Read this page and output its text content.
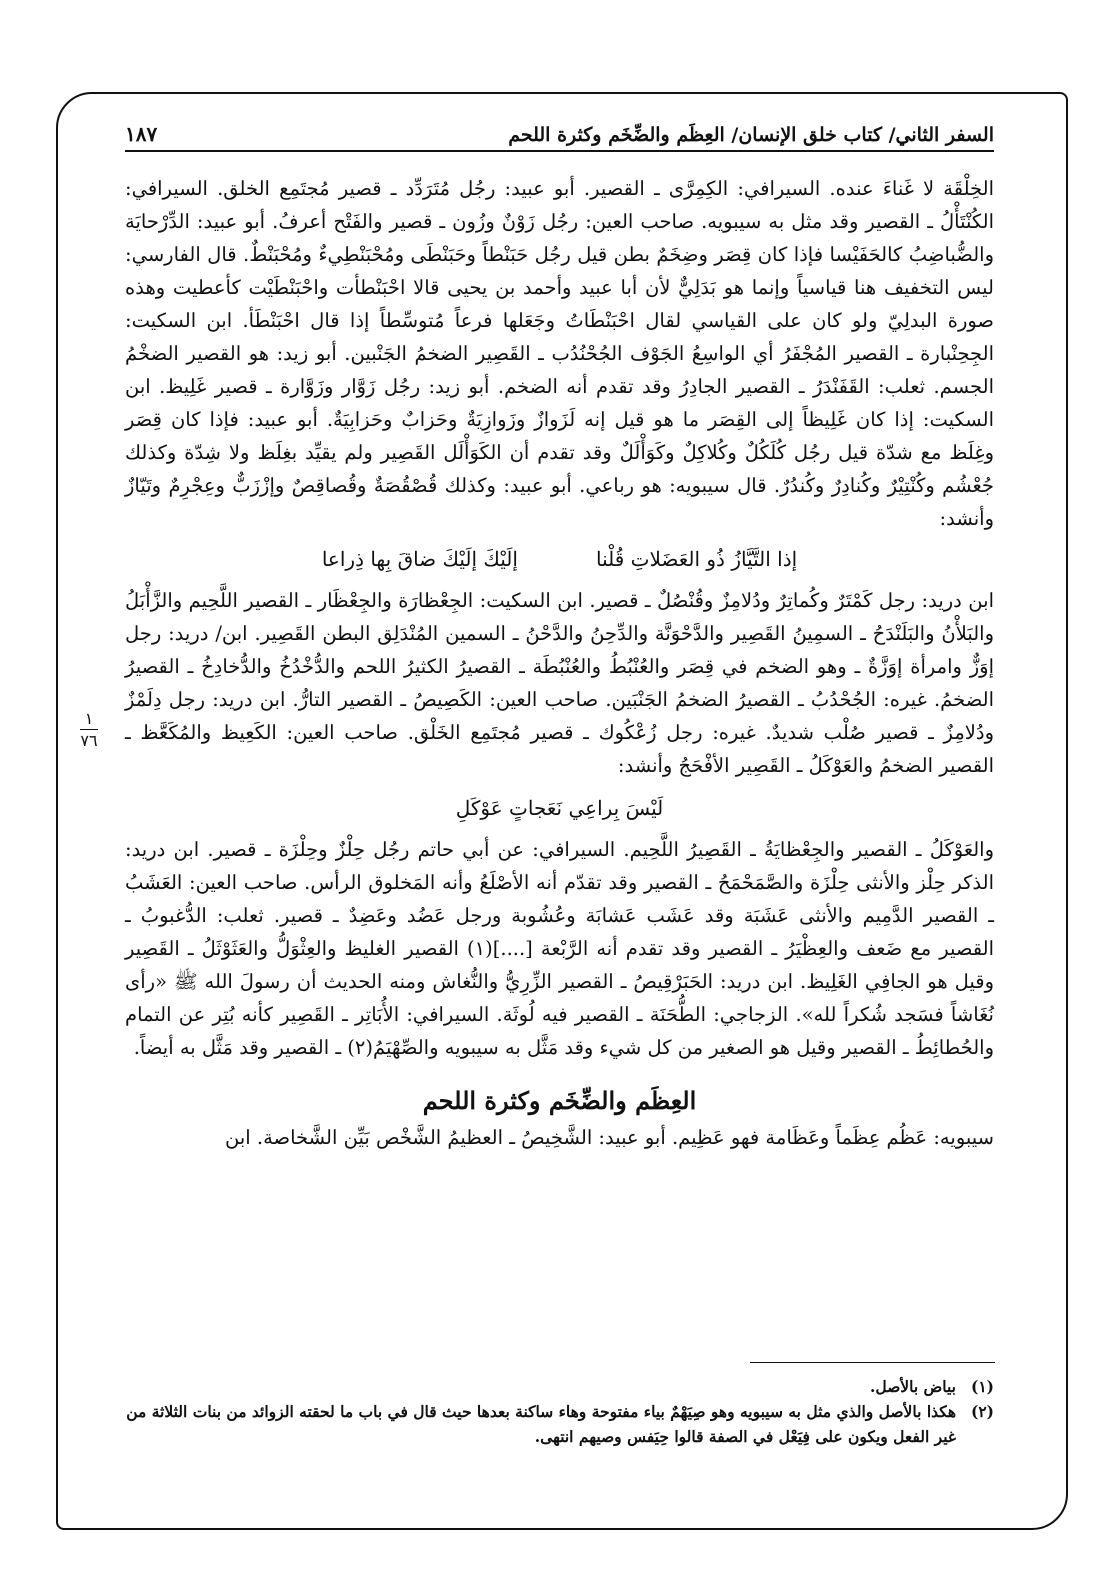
السفر الثاني/ كتاب خلق الإنسان/ العِظَم والضِّخَم وكثرة اللحم
١٨٧
١
٧٦

الخِلْقَة لا غَناءَ عنده. السيرافي: الكِمِرَّى ـ القصير. أبو عبيد: رجُل مُتَرَدِّد ـ قصير مُجتَمِع الخلق. السيرافي: الكُنْتَأْلُ ـ القصير وقد مثل به سيبويه. صاحب العين: رجُل زَوْنٌ وزُون ـ قصير والفَتْح أعرفُ. أبو عبيد: الدِّرْحايَة والضُّباضِبُ كالحَفَيْسا فإذا كان قِصَر وضِخَمٌ بطن قيل رجُل حَبَنْطاً وحَبَنْطَى ومُحْبَنْطِيءٌ ومُحْبَنْطٌ. قال الفارسي: ليس التخفيف هنا قياسياً وإنما هو بَدَلِيٌّ لأن أبا عبيد وأحمد بن يحيى قالا احْبَنْطأت واحْبَنْطَيْت كأعطيت وهذه صورة البدلِيّ ولو كان على القياسي لقال احْبَنْطَاتُ وجَعَلها فرعاً مُتوسِّطاً إذا قال احْبَنْطَأ. ابن السكيت: الجِحِنْبارة ـ القصير المُجْفَرُ أي الواسِعُ الجَوْف الجُحْنُدُب ـ القَصِير الضخمُ الجَنْبين. أبو زيد: هو القصير الضخْمُ الجسم. ثعلب: القَفَنْدَرُ ـ القصير الجادِرُ وقد تقدم أنه الضخم. أبو زيد: رجُل زَوَّار وزَوَّارة ـ قصير غَلِيظ. ابن السكيت: إذا كان غَلِيظاً إلى القِصَر ما هو قيل إنه لَزَوازٌ وزَوازِيَةٌ وحَزابٌ وحَزابِيَةٌ. أبو عبيد: فإذا كان قِصَر وغِلَظ مع شدّة قيل رجُل كُلَكُلٌ وكُلاكِلٌ وكَوَأْلَلٌ وقد تقدم أن الكَوَأْلَل القَصِير ولم يقيِّد بغِلَظ ولا شِدّة وكذلك جُعْشُم وكُنْتِيْرٌ وكُنادِرٌ وكُندُرٌ. قال سيبويه: هو رباعي. أبو عبيد: وكذلك قُصْقُصَةٌ وقُصاقِصٌ وإزْزَبٌّ وعِجْرِمٌ وتَيّازٌ وأنشد:

إذا التَّيَّازُ ذُو العَضَلاتِ قُلْنا
إلَيْكَ إلَيْكَ ضاقَ بِها ذِراعا

ابن دريد: رجل كَمْتَرٌ وكُماتِرٌ ودُلامِزٌ وقُنْصُلٌ ـ قصير. ابن السكيت: الجِعْظارَة والجِعْظَار ـ القصير اللَّحِيم والزَّأْبَلُ والبَلأْنُ والبَلَنْدَحُ ـ السمِينُ القَصِير والدَّحْوَنَّة والدِّحِنُ والدَّحْنُ ـ السمين المُنْدَلِق البطن القَصِير. ابن/ دريد: رجل إوَزٌّ وامرأة إوَزَّةٌ ـ وهو الضخم في قِصَر والعُنْبُطُ والعُنْبُطَة ـ القصيرُ الكثيرُ اللحم والدُّخْدُخُ والدُّخادِخُ ـ القصيرُ الضخمُ. غيره: الجُحْدُبُ ـ القصيرُ الضخمُ الجَنْبَين. صاحب العين: الكَصِيصُ ـ القصير التارُّ. ابن دريد: رجل دِلَمْزٌ ودُلامِزٌ ـ قصير صُلْب شديدٌ. غيره: رجل زُعْكُوك ـ قصير مُجتَمِع الخَلْق. صاحب العين: الكَعِيظ والمُكَعَّظ ـ القصير الضخمُ والعَوْكَلُ ـ القَصِير الأفْحَجُ وأنشد:

لَيْسَ بِراعِي نَعَجاتٍ عَوْكَلِ

والعَوْكَلُ ـ القصير والجِعْظايَةُ ـ القَصِيرُ اللَّحِيم. السيرافي: عن أبي حاتم رجُل حِلْزٌ وحِلْزَة ـ قصير. ابن دريد: الذكر حِلْز والأنثى حِلْزَة والصَّمَحْمَحُ ـ القصير وقد تقدّم أنه الأصْلَعُ وأنه المَخلوق الرأس. صاحب العين: العَشَبُ ـ القصير الدَّمِيم والأنثى عَشَبَة وقد عَشَب عَشابَة وعُشُوبة ورجل عَضُد وعَضِدٌ ـ قصير. ثعلب: الدُّغبوبُ ـ القصير مع ضَعف والعِظْيَرُ ـ القصير وقد تقدم أنه الرَّبْعة [....](١) القصير الغليظ والعِثْوَلُّ والعَثَوْثَلُ ـ القَصِير وقيل هو الجافِي الغَلِيظ. ابن دريد: الحَبَرْقِيصُ ـ القصير الزِّرِيُّ والنُّغاش ومنه الحديث أن رسولَ الله ﷺ «رأى نُغَاشاً فسَجد شُكراً لله». الزجاجي: الطُّحَنَة ـ القصير فيه لُوثَة. السيرافي: الأُبَاتِر ـ القَصِير كأنه بُتِر عن التمام والحُطائِطُ ـ القصير وقيل هو الصغير من كل شيء وقد مَثَّل به سيبويه والصِّهْيَمُ(٢) ـ القصير وقد مَثَّل به أيضاً.

العِظَم والضِّخَم وكثرة اللحم

سيبويه: عَظُم عِظَماً وعَظَامة فهو عَظِيم. أبو عبيد: الشَّخِيصُ ـ العظيمُ الشَّخْص بَيِّن الشَّخاصة. ابن

(١)
بياض بالأصل.
(٢)
هكذا بالأصل والذي مثل به سيبويه وهو صِيَهْمٌ بياء مفتوحة وهاء ساكنة بعدها حيث قال في باب ما لحقته الزوائد من بنات الثلاثة من غير الفعل ويكون على فِيَعْل في الصفة قالوا حِيَفس وصيهم انتهى.
